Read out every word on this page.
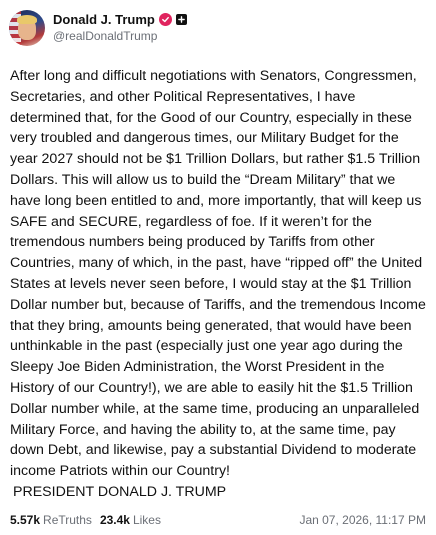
Donald J. Trump
@realDonaldTrump

After long and difficult negotiations with Senators, Congressmen, Secretaries, and other Political Representatives, I have determined that, for the Good of our Country, especially in these very troubled and dangerous times, our Military Budget for the year 2027 should not be $1 Trillion Dollars, but rather $1.5 Trillion Dollars. This will allow us to build the “Dream Military” that we have long been entitled to and, more importantly, that will keep us SAFE and SECURE, regardless of foe. If it weren’t for the tremendous numbers being produced by Tariffs from other Countries, many of which, in the past, have “ripped off” the United States at levels never seen before, I would stay at the $1 Trillion Dollar number but, because of Tariffs, and the tremendous Income that they bring, amounts being generated, that would have been unthinkable in the past (especially just one year ago during the Sleepy Joe Biden Administration, the Worst President in the History of our Country!), we are able to easily hit the $1.5 Trillion Dollar number while, at the same time, producing an unparalleled Military Force, and having the ability to, at the same time, pay down Debt, and likewise, pay a substantial Dividend to moderate income Patriots within our Country!

PRESIDENT DONALD J. TRUMP

5.57k ReTruths 23.4k Likes	Jan 07, 2026, 11:17 PM
